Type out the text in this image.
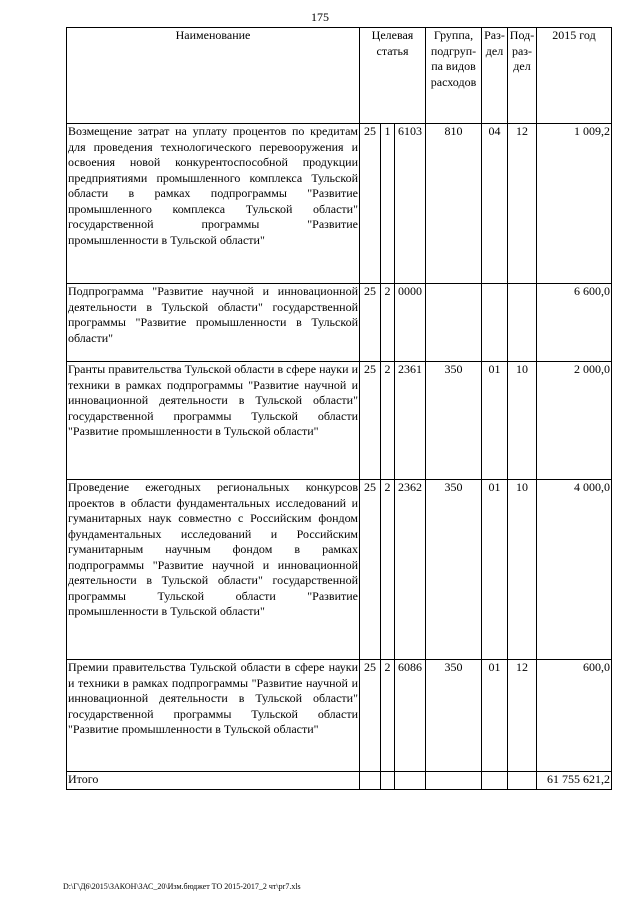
175
Наименование	Целевая статья			Группа, подгруп-па видов расходов	Раз-дел	Под-раз-дел	2015 год
Возмещение затрат на уплату процентов по кредитам для проведения технологического перевооружения и освоения новой конкурентоспособной продукции предприятиями промышленного комплекса Тульской области в рамках подпрограммы "Развитие промышленного комплекса Тульской области" государственной программы "Развитие промышленности в Тульской области"	25	1	6103	810	04	12	1 009,2
Подпрограмма "Развитие научной и инновационной деятельности в Тульской области" государственной программы "Развитие промышленности в Тульской области"	25	2	0000				6 600,0
Гранты правительства Тульской области в сфере науки и техники в рамках подпрограммы "Развитие научной и инновационной деятельности в Тульской области" государственной программы Тульской области "Развитие промышленности в Тульской области"	25	2	2361	350	01	10	2 000,0
Проведение ежегодных региональных конкурсов проектов в области фундаментальных исследований и гуманитарных наук совместно с Российским фондом фундаментальных исследований и Российским гуманитарным научным фондом в рамках подпрограммы "Развитие научной и инновационной деятельности в Тульской области" государственной программы Тульской области "Развитие промышленности в Тульской области"	25	2	2362	350	01	10	4 000,0
Премии правительства Тульской области в сфере науки и техники в рамках подпрограммы "Развитие научной и инновационной деятельности в Тульской области" государственной программы Тульской области "Развитие промышленности в Тульской области"	25	2	6086	350	01	12	600,0
Итого							61 755 621,2
D:\Г\Д6\2015\ЗАКОН\ЗАС_20\Изм.бюджет ТО 2015-2017_2 чт\pr7.xls
